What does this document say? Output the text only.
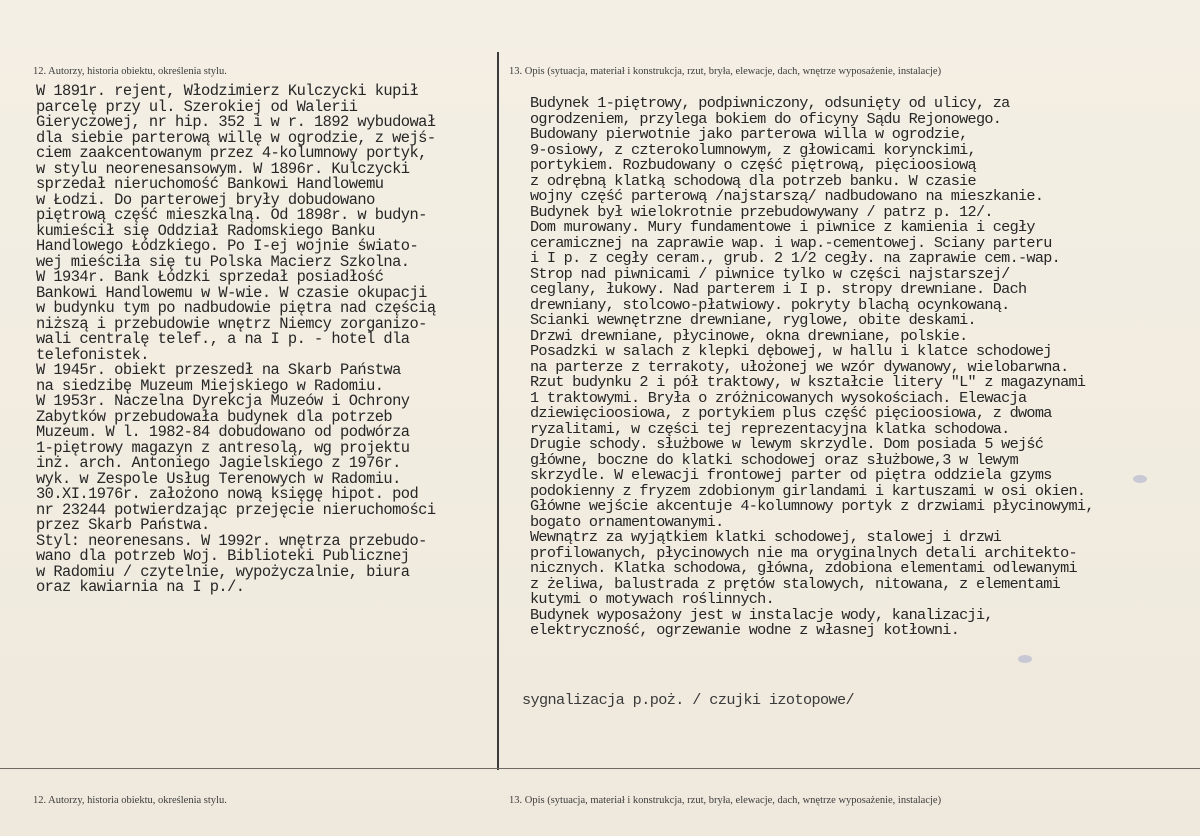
12. Autorzy, historia obiektu, określenia stylu.	13. Opis (sytuacja, materiał i konstrukcja, rzut, bryła, elewacje, dach, wnętrze wyposażenie, instalacje)
W 1891r. rejent, Włodzimierz Kulczycki kupił
parcelę przy ul. Szerokiej od Walerii
Gieryczowej, nr hip. 352 i w r. 1892 wybudował
dla siebie parterową willę w ogrodzie, z wejś-
ciem zaakcentowanym przez 4-kolumnowy portyk,
w stylu neorenesansowym. W 1896r. Kulczycki
sprzedał nieruchomość Bankowi Handlowemu
w Łodzi. Do parterowej bryły dobudowano
piętrową część mieszkalną. Od 1898r. w budyn-
kumieścił się Oddział Radomskiego Banku
Handlowego Łódzkiego. Po I-ej wojnie świato-
wej mieściła się tu Polska Macierz Szkolna.
W 1934r. Bank Łódzki sprzedał posiadłość
Bankowi Handlowemu w W-wie. W czasie okupacji
w budynku tym po nadbudowie piętra nad częścią
niższą i przebudowie wnętrz Niemcy zorganizo-
wali centralę telef., a na I p. - hotel dla
telefonistek.
W 1945r. obiekt przeszedł na Skarb Państwa
na siedzibę Muzeum Miejskiego w Radomiu.
W 1953r. Naczelna Dyrekcja Muzeów i Ochrony
Zabytków przebudowała budynek dla potrzeb
Muzeum. W l. 1982-84 dobudowano od podwórza
1-piętrowy magazyn z antresolą, wg projektu
inż. arch. Antoniego Jagielskiego z 1976r.
wyk. w Zespole Usług Terenowych w Radomiu.
30.XI.1976r. założono nową księgę hipot. pod
nr 23244 potwierdzając przejęcie nieruchomości
przez Skarb Państwa.
Styl: neorenesans. W 1992r. wnętrza przebudo-
wano dla potrzeb Woj. Biblioteki Publicznej
w Radomiu / czytelnie, wypożyczalnie, biura
oraz kawiarnia na I p./.
Budynek 1-piętrowy, podpiwniczony, odsunięty od ulicy, za
ogrodzeniem, przylega bokiem do oficyny Sądu Rejonowego.
Budowany pierwotnie jako parterowa willa w ogrodzie,
9-osiowy, z czterokolumnowym, z głowicami korynckimi,
portykiem. Rozbudowany o część piętrową, pięcioosiową
z odrębną klatką schodową dla potrzeb banku. W czasie
wojny część parterową /najstarszą/ nadbudowano na mieszkanie.
Budynek był wielokrotnie przebudowywany / patrz p. 12/.
Dom murowany. Mury fundamentowe i piwnice z kamienia i cegły
ceramicznej na zaprawie wap. i wap.-cementowej. Sciany parteru
i I p. z cegły ceram., grub. 2 1/2 cegły. na zaprawie cem.-wap.
Strop nad piwnicami / piwnice tylko w części najstarszej/
ceglany, łukowy. Nad parterem i I p. stropy drewniane. Dach
drewniany, stolcowo-płatwiowy. pokryty blachą ocynkowaną.
Scianki wewnętrzne drewniane, ryglowe, obite deskami.
Drzwi drewniane, płycinowe, okna drewniane, polskie.
Posadzki w salach z klepki dębowej, w hallu i klatce schodowej
na parterze z terrakoty, ułożonej we wzór dywanowy, wielobarwna.
Rzut budynku 2 i pół traktowy, w kształcie litery "L" z magazynami
1 traktowymi. Bryła o zróżnicowanych wysokościach. Elewacja
dziewięcioosiowa, z portykiem plus część pięcioosiowa, z dwoma
ryzalitami, w części tej reprezentacyjna klatka schodowa.
Drugie schody. służbowe w lewym skrzydle. Dom posiada 5 wejść
główne, boczne do klatki schodowej oraz służbowe,3 w lewym
skrzydle. W elewacji frontowej parter od piętra oddziela gzyms
podokienny z fryzem zdobionym girlandami i kartuszami w osi okien.
Główne wejście akcentuje 4-kolumnowy portyk z drzwiami płycinowymi,
bogato ornamentowanymi.
Wewnątrz za wyjątkiem klatki schodowej, stalowej i drzwi
profilowanych, płycinowych nie ma oryginalnych detali architekto-
nicznych. Klatka schodowa, główna, zdobiona elementami odlewanymi
z żeliwa, balustrada z prętów stalowych, nitowana, z elementami
kutymi o motywach roślinnych.
Budynek wyposażony jest w instalacje wody, kanalizacji,
elektryczność, ogrzewanie wodne z własnej kotłowni.
sygnalizacja p.poż. / czujki izotopowe/
12. Autorzy, historia obiektu, określenia stylu.	13. Opis (sytuacja, materiał i konstrukcja, rzut, bryła, elewacje, dach, wnętrze wyposażenie, instalacje)
